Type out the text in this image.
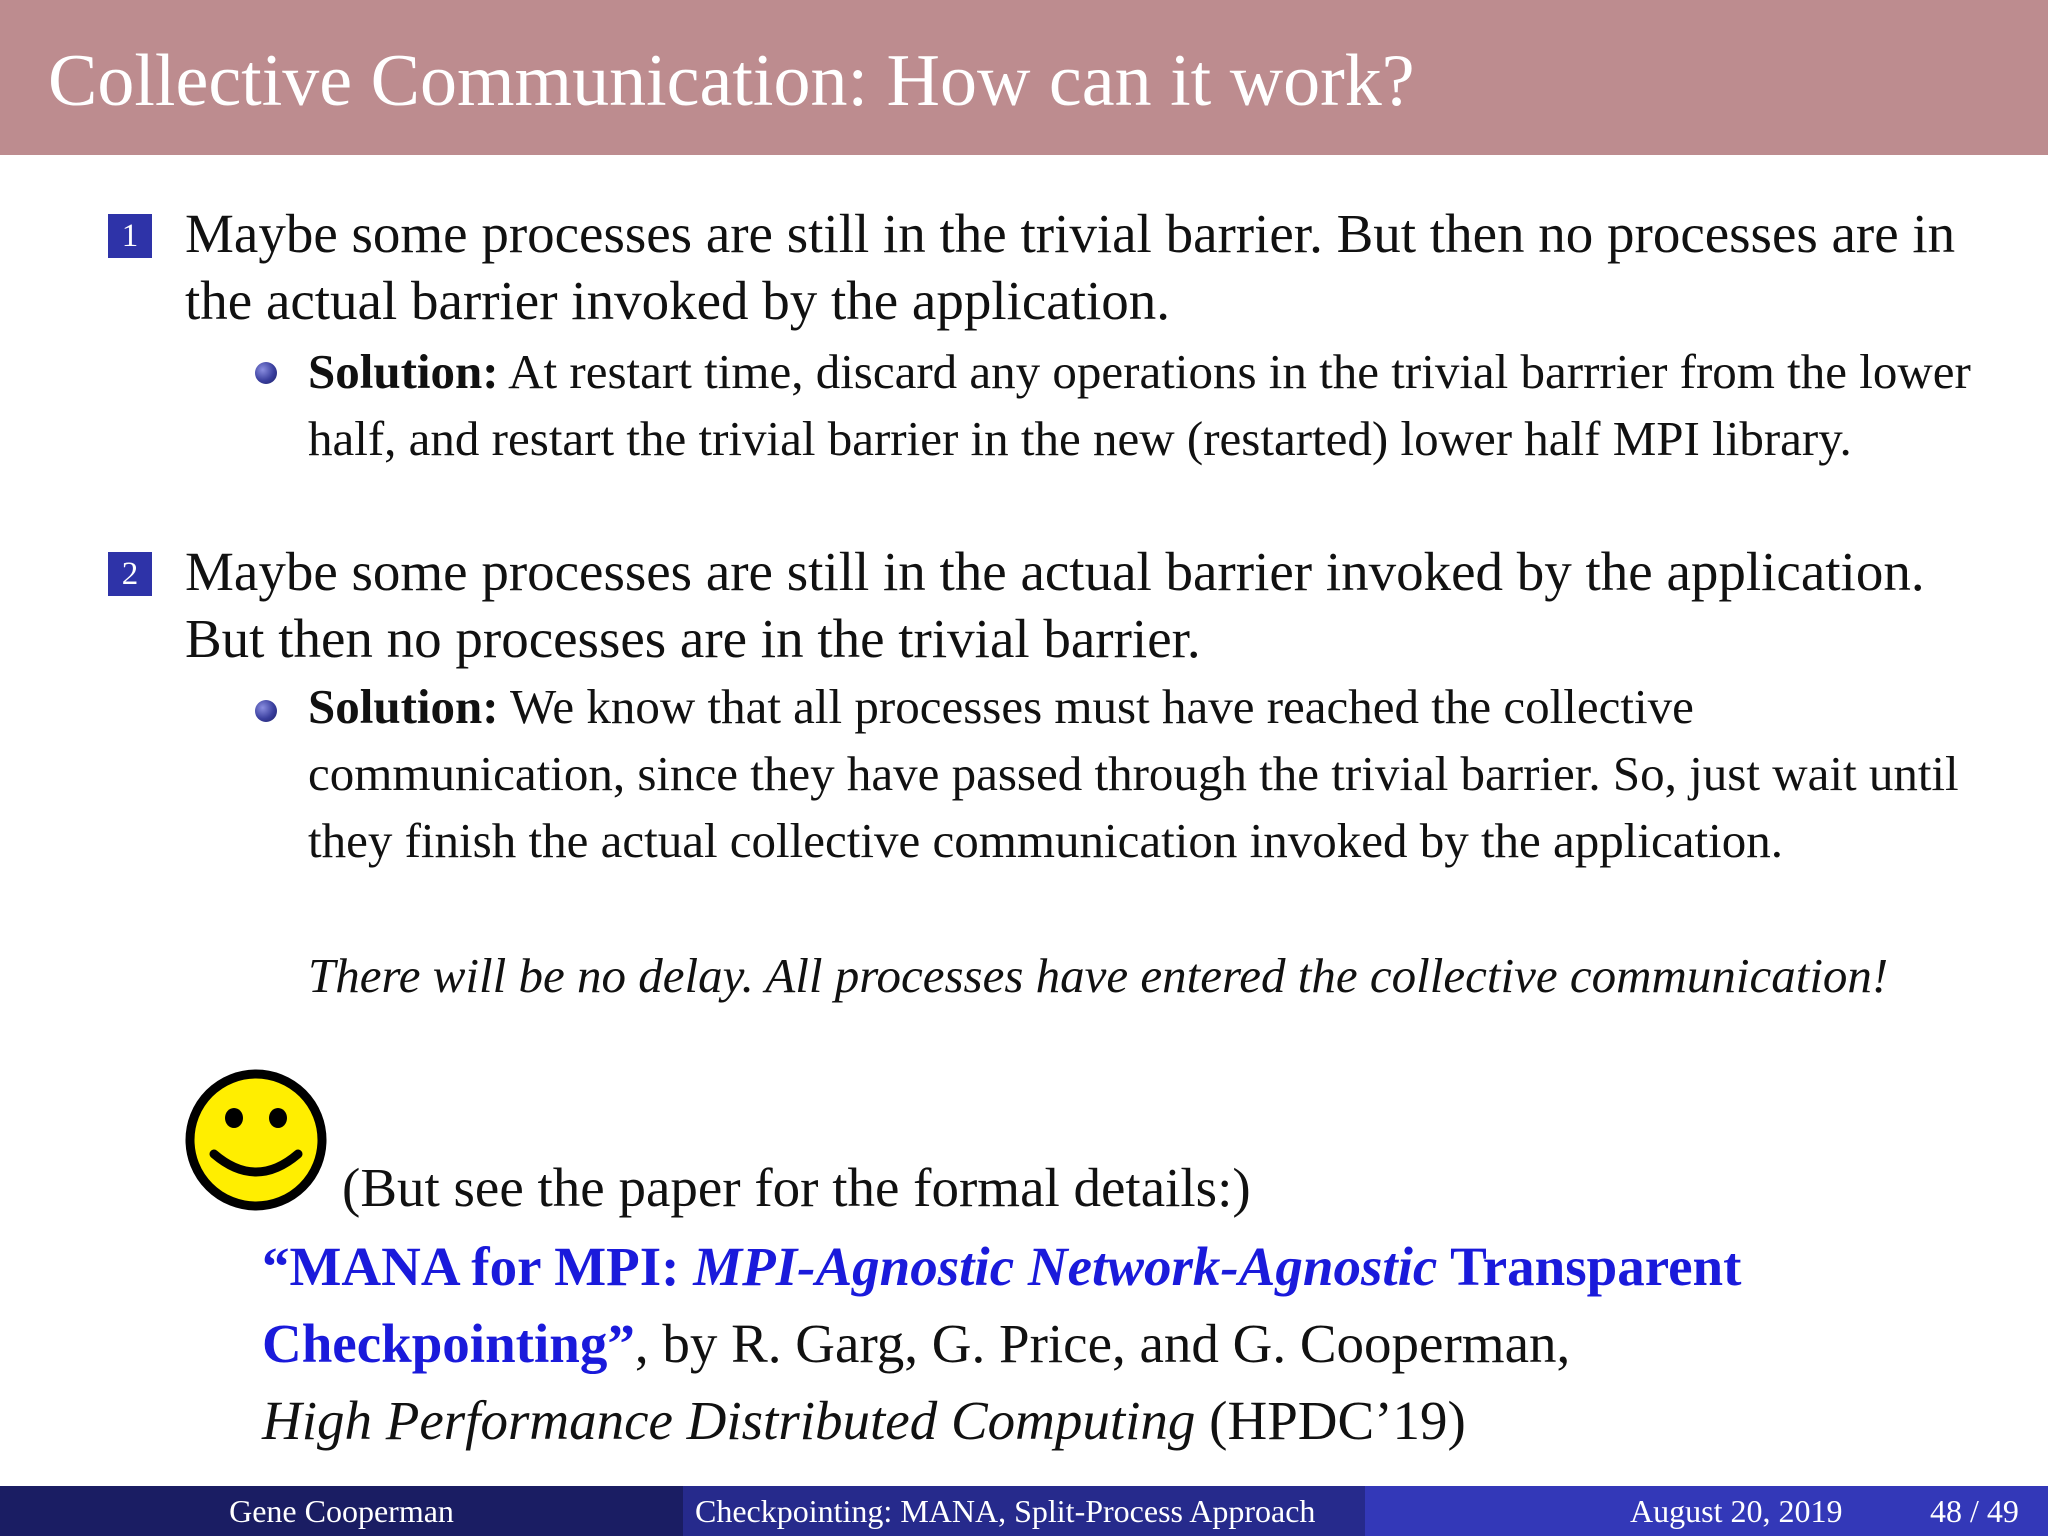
Collective Communication: How can it work?
1 Maybe some processes are still in the trivial barrier. But then no processes are in the actual barrier invoked by the application.
Solution: At restart time, discard any operations in the trivial barrrier from the lower half, and restart the trivial barrier in the new (restarted) lower half MPI library.
2 Maybe some processes are still in the actual barrier invoked by the application. But then no processes are in the trivial barrier.
Solution: We know that all processes must have reached the collective communication, since they have passed through the trivial barrier. So, just wait until they finish the actual collective communication invoked by the application.
There will be no delay. All processes have entered the collective communication!
(But see the paper for the formal details:)
“MANA for MPI: MPI-Agnostic Network-Agnostic Transparent Checkpointing”, by R. Garg, G. Price, and G. Cooperman,
High Performance Distributed Computing (HPDC’19)
Gene Cooperman	Checkpointing: MANA, Split-Process Approach	August 20, 2019	48 / 49
